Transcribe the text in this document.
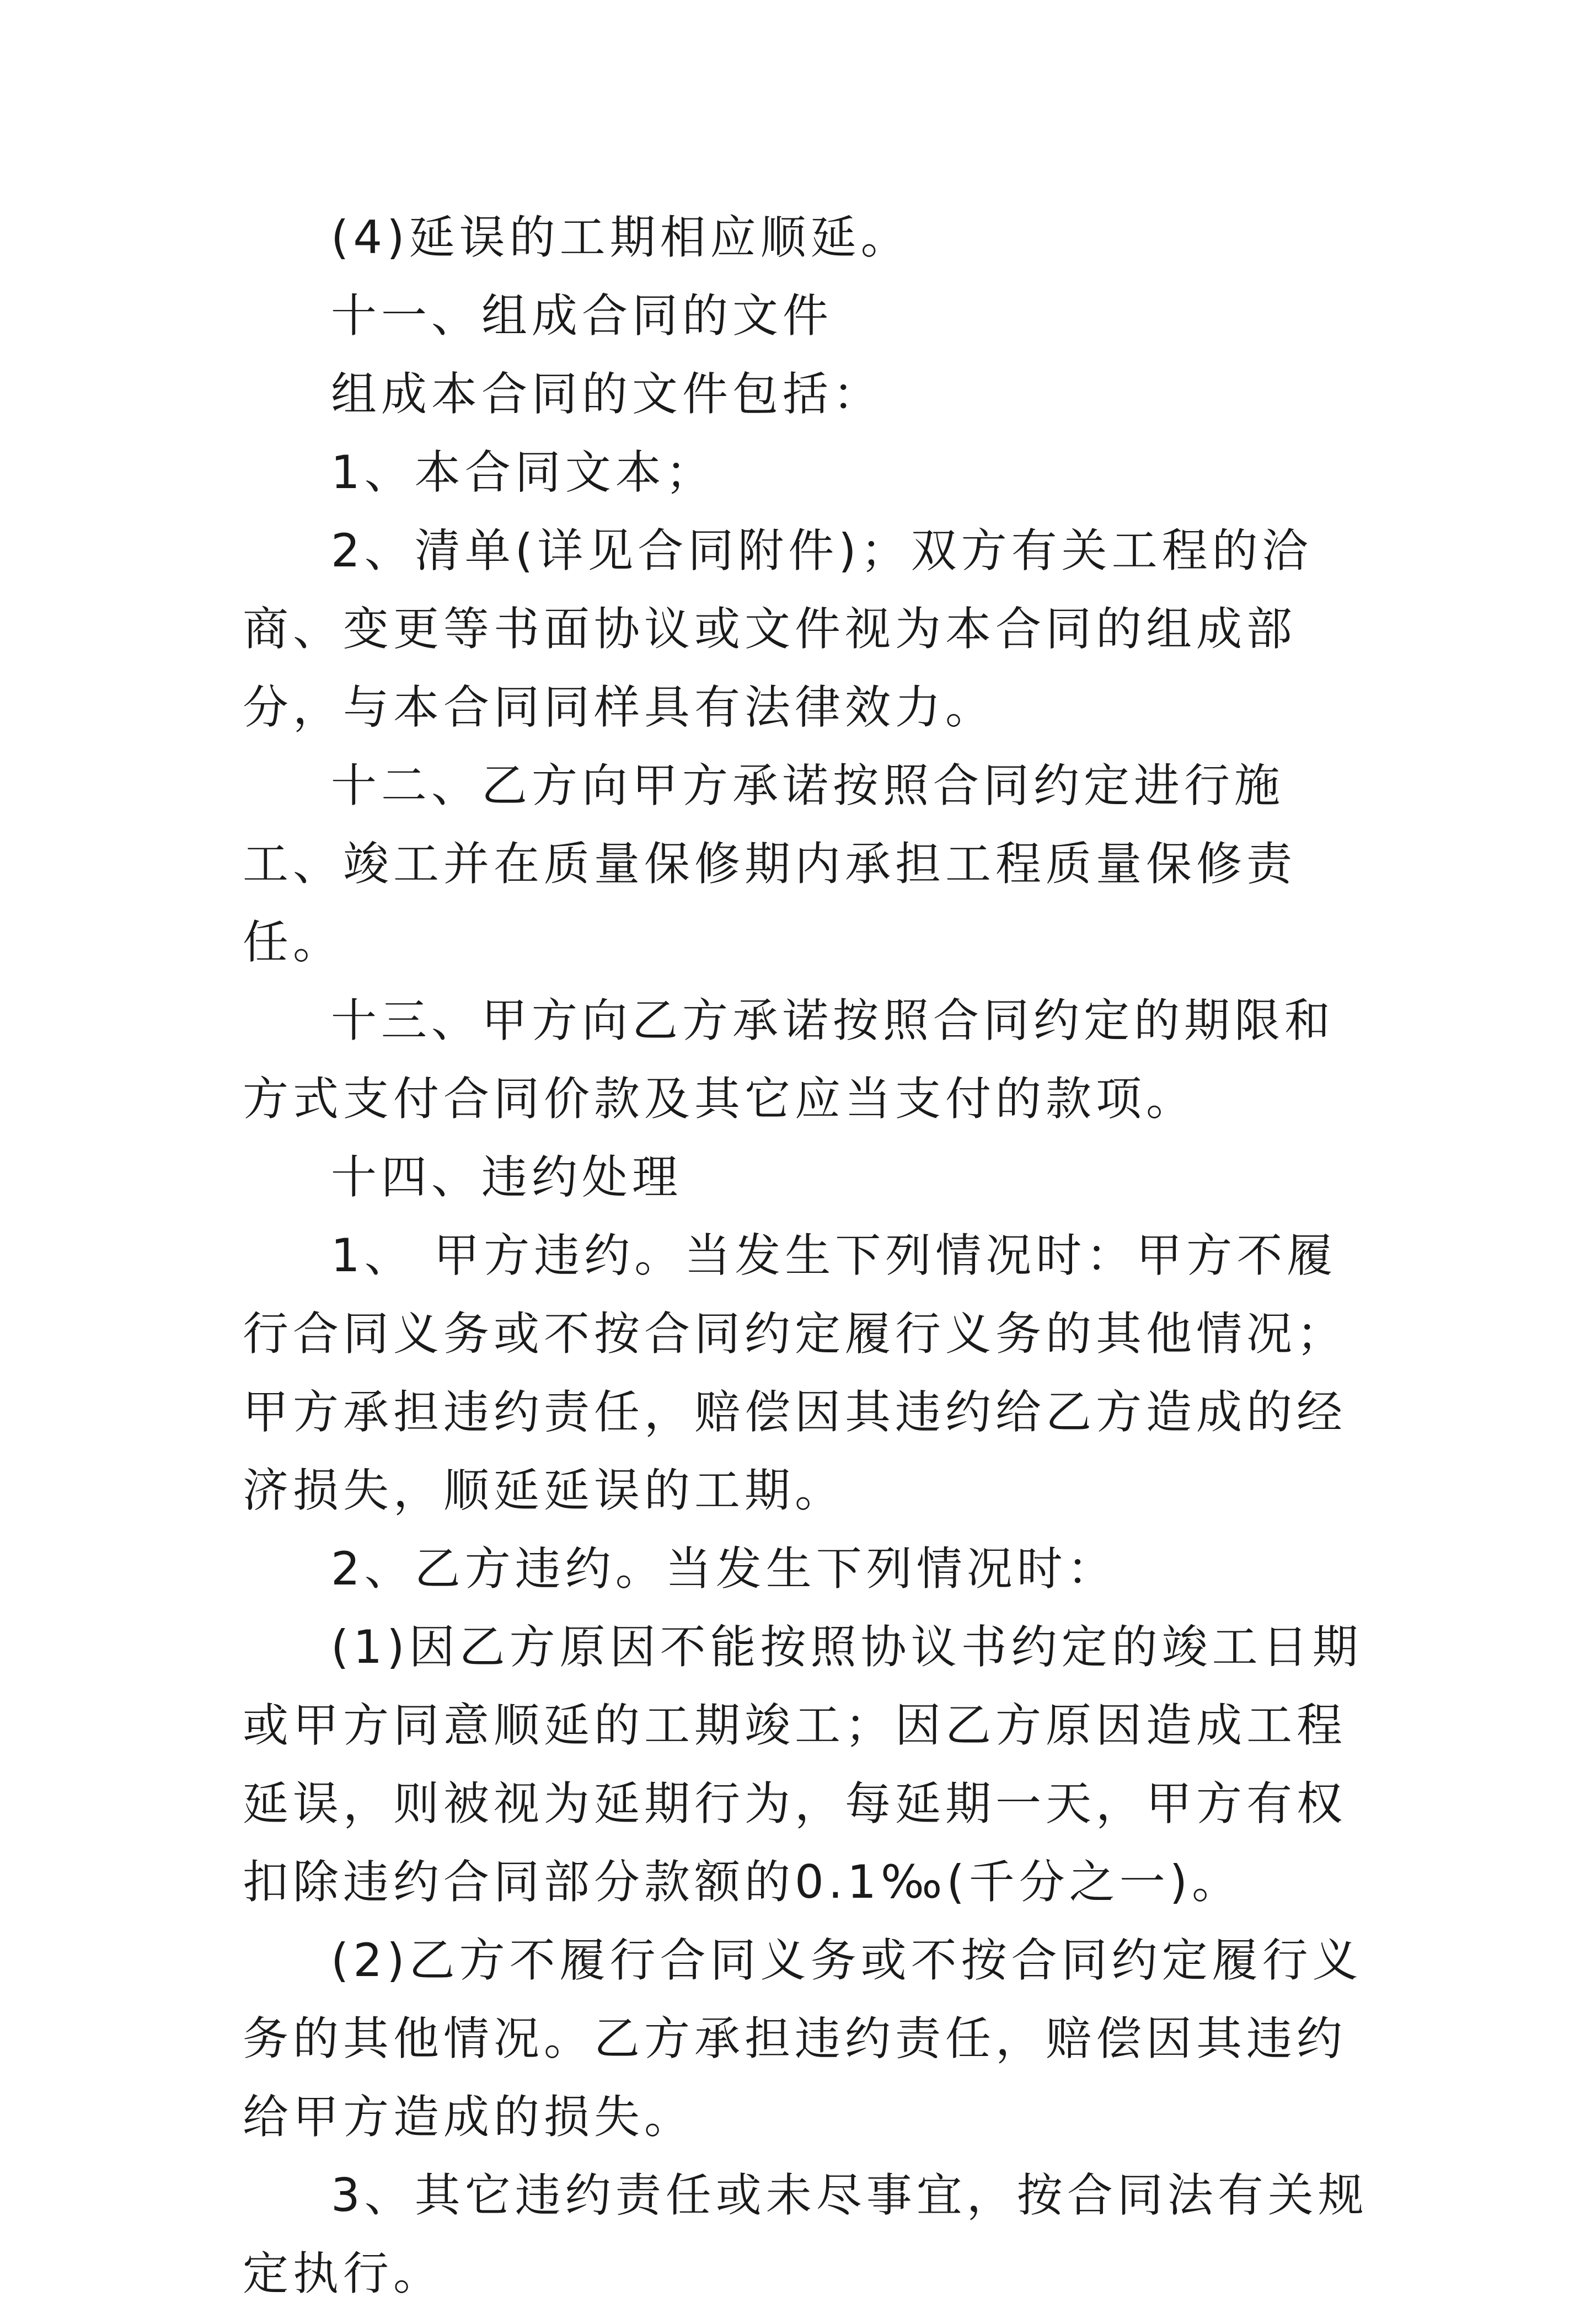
(4)延误的工期相应顺延。

十一、组成合同的文件

组成本合同的文件包括：

1、本合同文本；

2、清单(详见合同附件)；双方有关工程的洽商、变更等书面协议或文件视为本合同的组成部分，与本合同同样具有法律效力。

十二、乙方向甲方承诺按照合同约定进行施工、竣工并在质量保修期内承担工程质量保修责任。

十三、甲方向乙方承诺按照合同约定的期限和方式支付合同价款及其它应当支付的款项。

十四、违约处理

1、 甲方违约。当发生下列情况时：甲方不履行合同义务或不按合同约定履行义务的其他情况；甲方承担违约责任，赔偿因其违约给乙方造成的经济损失，顺延延误的工期。

2、乙方违约。当发生下列情况时：

(1)因乙方原因不能按照协议书约定的竣工日期或甲方同意顺延的工期竣工；因乙方原因造成工程延误，则被视为延期行为，每延期一天，甲方有权扣除违约合同部分款额的0.1‰(千分之一)。

(2)乙方不履行合同义务或不按合同约定履行义务的其他情况。乙方承担违约责任，赔偿因其违约给甲方造成的损失。

3、其它违约责任或未尽事宜，按合同法有关规定执行。
